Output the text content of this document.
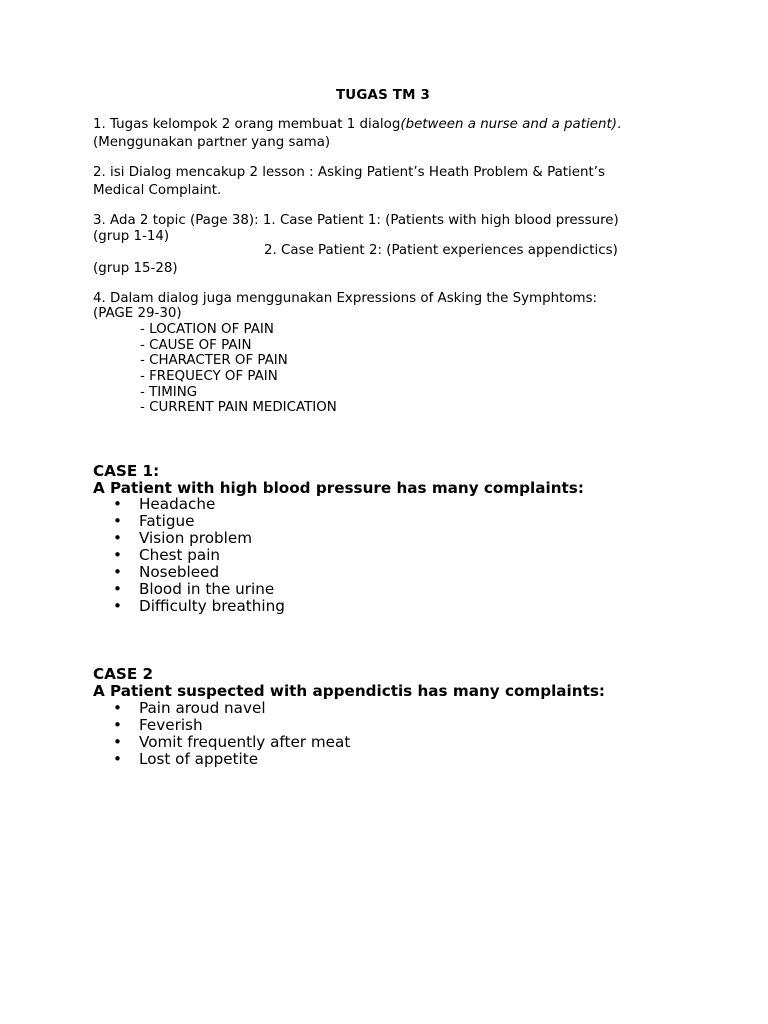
TUGAS TM 3
1. Tugas kelompok 2 orang membuat 1 dialog(between a nurse and a patient).
(Menggunakan partner yang sama)
2. isi Dialog mencakup 2 lesson : Asking Patient’s Heath Problem & Patient’s
Medical Complaint.
3. Ada 2 topic (Page 38): 1. Case Patient 1: (Patients with high blood pressure)
(grup 1-14)
2. Case Patient 2: (Patient experiences appendictics)
(grup 15-28)
4. Dalam dialog juga menggunakan Expressions of Asking the Symphtoms:
(PAGE 29-30)
- LOCATION OF PAIN
- CAUSE OF PAIN
- CHARACTER OF PAIN
- FREQUECY OF PAIN
- TIMING
- CURRENT PAIN MEDICATION
CASE 1:
A Patient with high blood pressure has many complaints:
• Headache
• Fatigue
• Vision problem
• Chest pain
• Nosebleed
• Blood in the urine
• Difficulty breathing
CASE 2
A Patient suspected with appendictis has many complaints:
• Pain aroud navel
• Feverish
• Vomit frequently after meat
• Lost of appetite
